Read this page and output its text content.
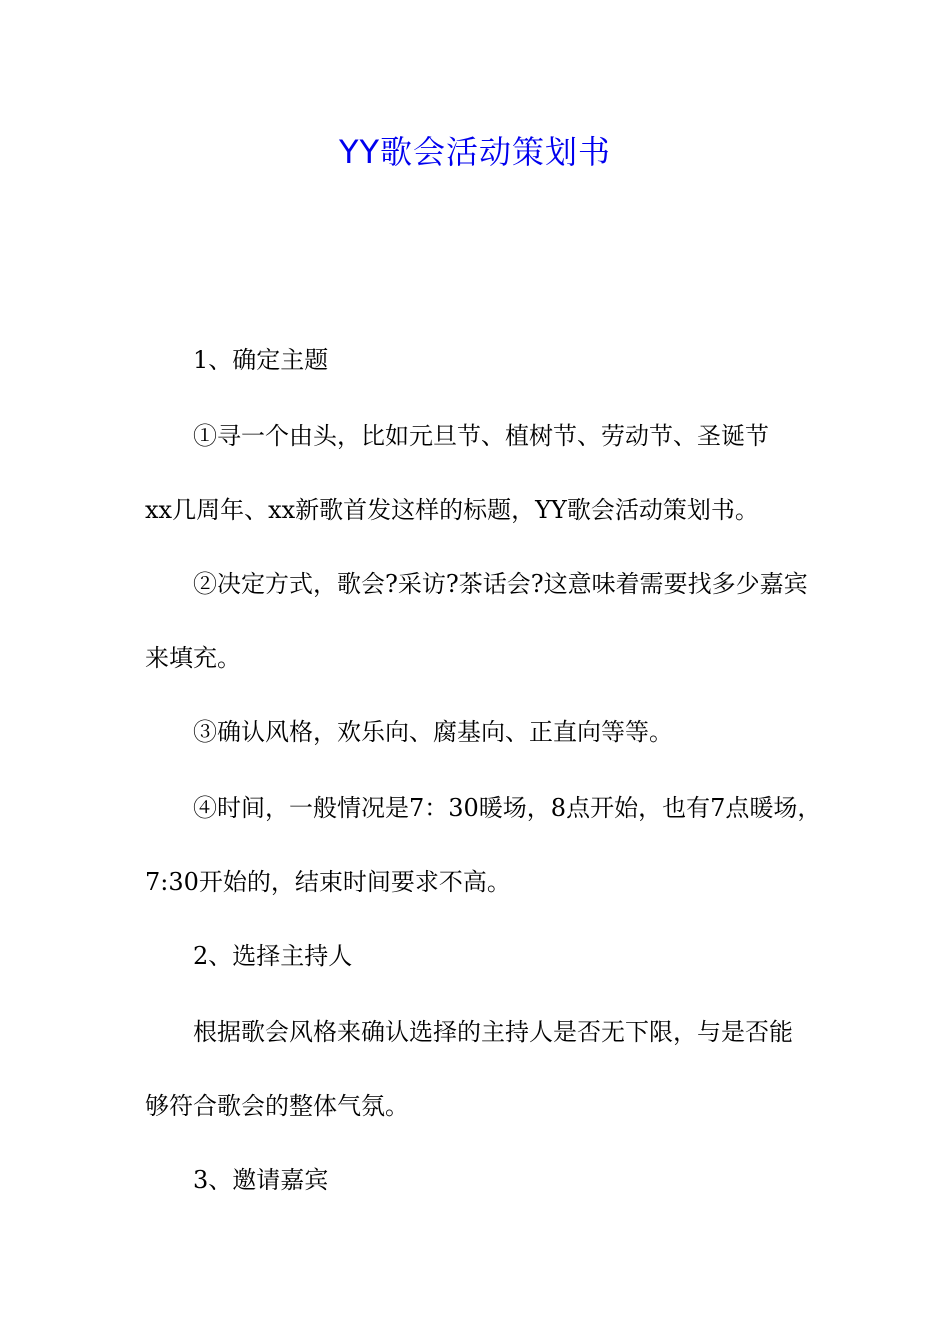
YY歌会活动策划书
1、确定主题
①寻一个由头，比如元旦节、植树节、劳动节、圣诞节
xx几周年、xx新歌首发这样的标题，YY歌会活动策划书。
②决定方式，歌会?采访?茶话会?这意味着需要找多少嘉宾
来填充。
③确认风格，欢乐向、腐基向、正直向等等。
④时间，一般情况是7：30暖场，8点开始，也有7点暖场，
7:30开始的，结束时间要求不高。
2、选择主持人
根据歌会风格来确认选择的主持人是否无下限，与是否能
够符合歌会的整体气氛。
3、邀请嘉宾
